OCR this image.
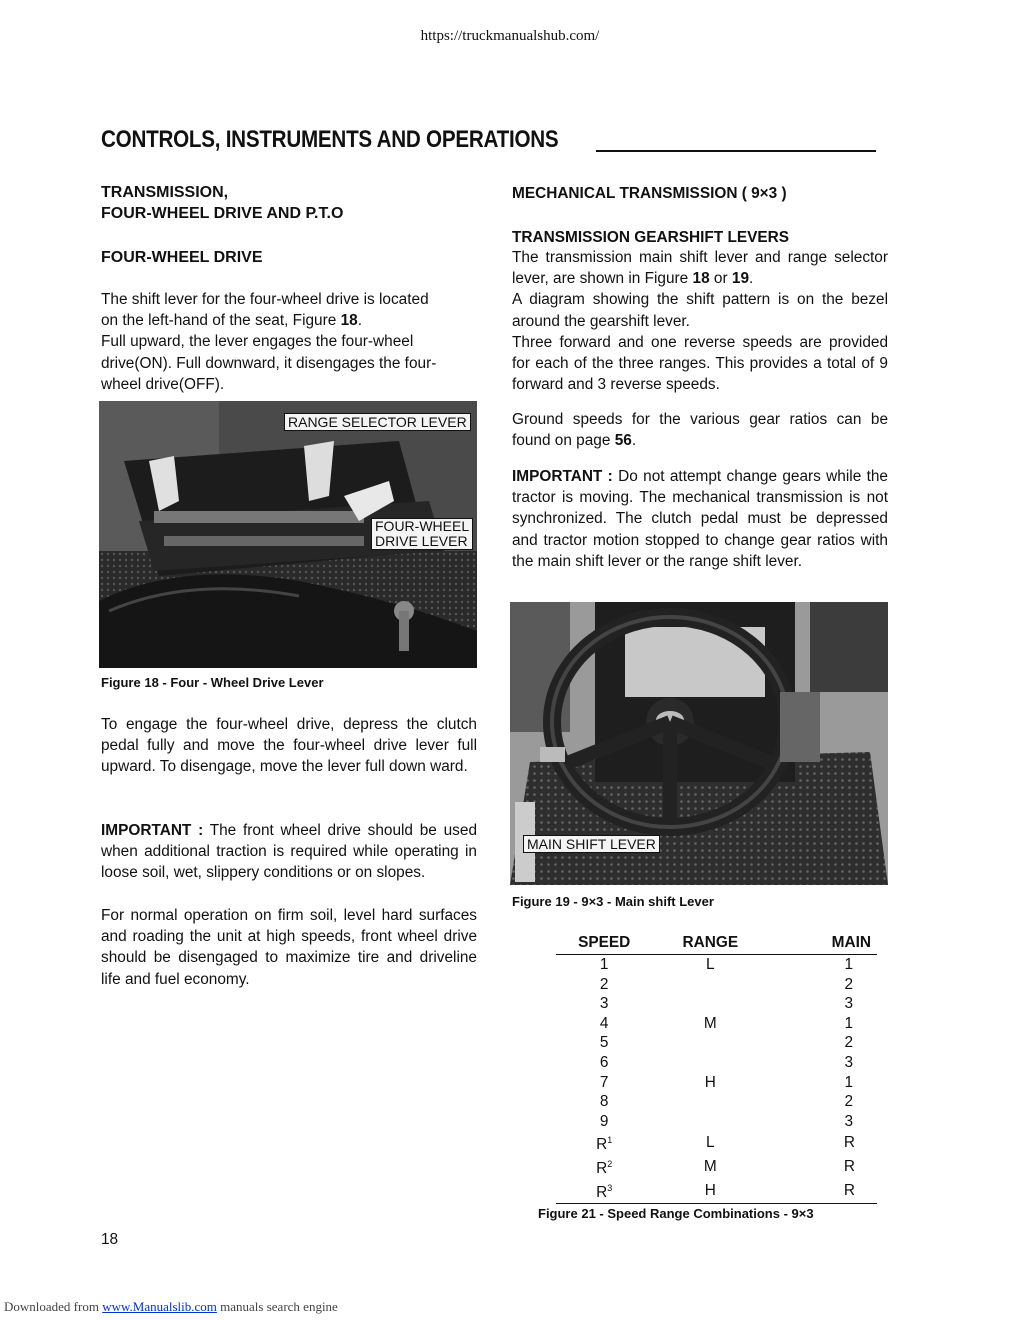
https://truckmanualshub.com/
CONTROLS, INSTRUMENTS AND OPERATIONS
TRANSMISSION,
FOUR-WHEEL DRIVE AND P.T.O
FOUR-WHEEL DRIVE
The shift lever for the four-wheel drive is located
on the left-hand of the seat, Figure 18.
Full upward, the lever engages the four-wheel
drive(ON). Full downward, it disengages the four-
wheel drive(OFF).
RANGE SELECTOR LEVER
FOUR-WHEEL
DRIVE LEVER
Figure 18 - Four - Wheel Drive Lever
To engage the four-wheel drive, depress the clutch pedal fully and move the four-wheel drive lever full upward. To disengage, move the lever full down ward.
IMPORTANT : The front wheel drive should be used when additional traction is required while operating in loose soil, wet, slippery conditions or on slopes.
For normal operation on firm soil, level hard surfaces and roading the unit at high speeds, front wheel drive should be disengaged to maximize tire and driveline life and fuel economy.
MECHANICAL TRANSMISSION ( 9×3 )
TRANSMISSION GEARSHIFT LEVERS
The transmission main shift lever and range selector lever, are shown in Figure 18 or 19.
A diagram showing the shift pattern is on the bezel around the gearshift lever.
Three forward and one reverse speeds are provided for each of the three ranges. This provides a total of 9 forward and 3 reverse speeds.
Ground speeds for the various gear ratios can be found on page 56.
IMPORTANT : Do not attempt change gears while the tractor is moving. The mechanical transmission is not synchronized. The clutch pedal must be depressed and tractor motion stopped to change gear ratios with the main shift lever or the range shift lever.
MAIN SHIFT LEVER
Figure 19 - 9×3 - Main shift Lever
SPEED	RANGE	MAIN
1	L	1
2		2
3		3
4	M	1
5		2
6		3
7	H	1
8		2
9		3
$R^1$	L	R
$R^2$	M	R
$R^3$	H	R
Figure 21 - Speed Range Combinations - 9×3
18
Downloaded from www.Manualslib.com manuals search engine
